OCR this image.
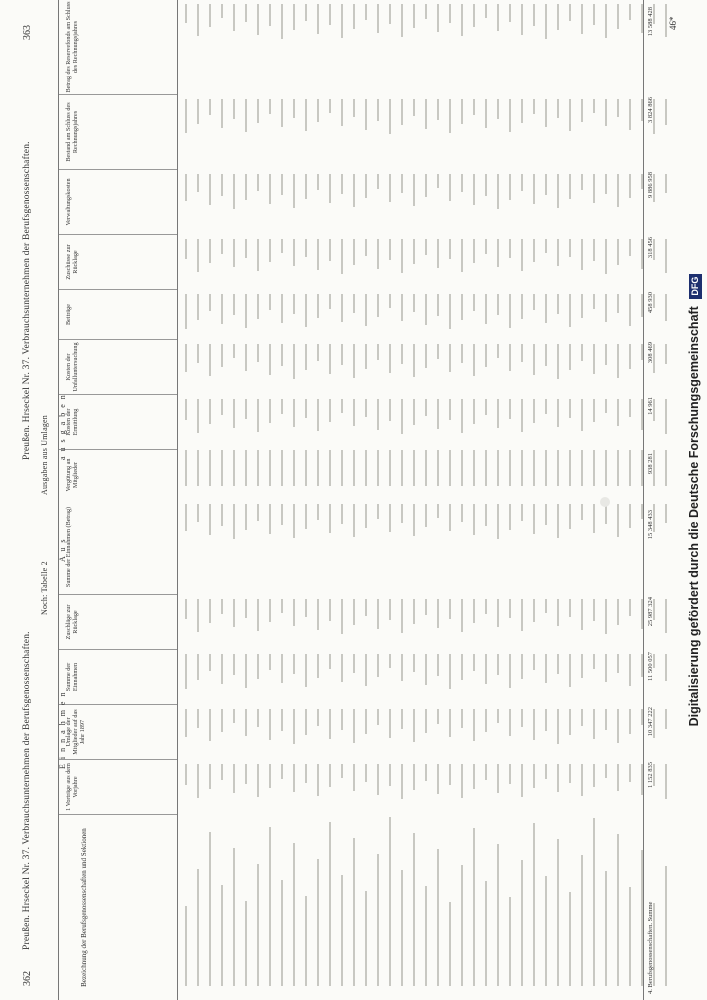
362
Preußen. Hrseckel Nr. 37. Verbrauchsunternehmen der Berufsgenossenschaften.
Noch: Tabelle 2
Bezeichnung der Berufsgenossenschaften und Sektionen
1 Vorträge aus dem Vorjahre
Umlage der Mitglieder auf das Jahr 1897
Summe der Einnahmen
Zuschläge zur Rücklage
Summe der Einnahmen (Betrag)
E i n n a h m e n
A u s
4. Berufsgenossenschaften. Summe
1 152 835
10 347 222
11 500 057
25 987 324
15 348 433
Preußen. Hrseckel Nr. 37. Verbrauchsunternehmen der Berufsgenossenschaften.
363
Ausgaben aus Umlagen	Vergütung an Mitglieder
Kosten der Ermittlung
Kosten der Unfalluntersuchung
Beiträge
Zuschüsse zur Rücklage
Verwaltungskosten
Bestand am Schluss des Rechnungsjahres
Betrag des Reservefonds am Schluss des Rechnungsjahres
a u s g a b e n
938 281
14 961
308 469
458 930
318 456
9 886 958
3 824 866
13 588 428	46*
Digitalisierung gefördert durch die Deutsche Forschungsgemeinschaft DFG
